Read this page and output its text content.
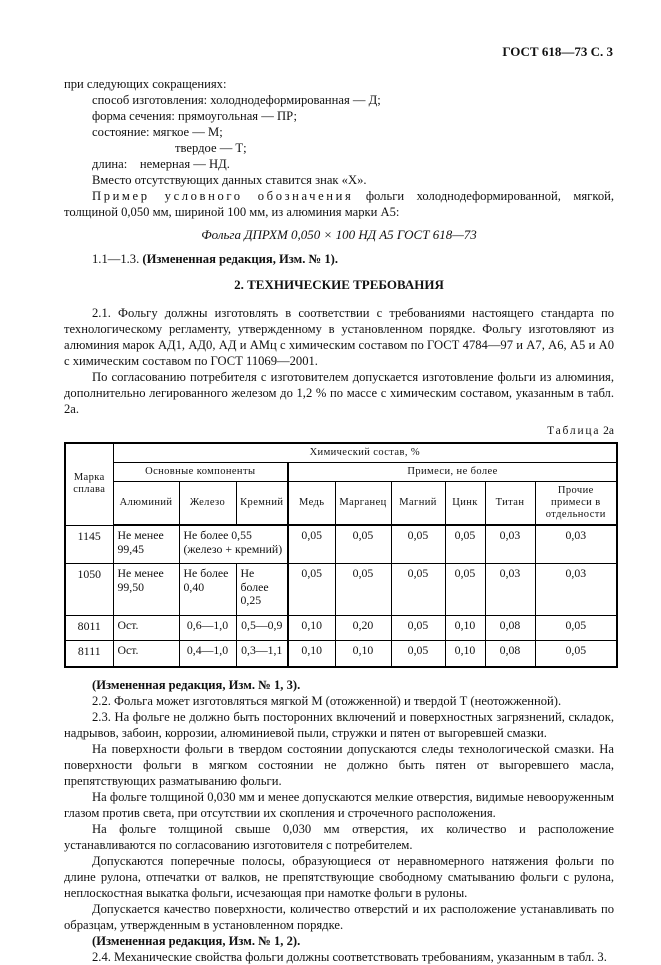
ГОСТ 618—73 С. 3

при следующих сокращениях:

способ изготовления: холоднодеформированная — Д;
форма сечения: прямоугольная — ПР;
состояние: мягкое — М;
твердое — Т;
длина:    немерная — НД.

Вместо отсутствующих данных ставится знак «Х».

Пример условного обозначения фольги холоднодеформированной, мягкой, толщиной 0,050 мм, шириной 100 мм, из алюминия марки А5:

Фольга ДПРХМ 0,050 × 100 НД А5 ГОСТ 618—73

1.1—1.3. (Измененная редакция, Изм. № 1).

2. ТЕХНИЧЕСКИЕ ТРЕБОВАНИЯ

2.1. Фольгу должны изготовлять в соответствии с требованиями настоящего стандарта по технологическому регламенту, утвержденному в установленном порядке. Фольгу изготовляют из алюминия марок АД1, АД0, АД и АМц с химическим составом по ГОСТ 4784—97 и А7, А6, А5 и А0 с химическим составом по ГОСТ 11069—2001.

По согласованию потребителя с изготовителем допускается изготовление фольги из алюминия, дополнительно легированного железом до 1,2 % по массе с химическим составом, указанным в табл. 2а.

Таблица 2а

Марка сплава	Химический состав, %								
	Основные компоненты			Примеси, не более					
	Алюминий	Железо	Кремний	Медь	Марганец	Магний	Цинк	Титан	Прочие примеси в отдельности
1145	Не менее 99,45	Не более 0,55 (железо + кремний)		0,05	0,05	0,05	0,05	0,03	0,03
1050	Не менее 99,50	Не более 0,40	Не более 0,25	0,05	0,05	0,05	0,05	0,03	0,03
8011	Ост.	0,6—1,0	0,5—0,9	0,10	0,20	0,05	0,10	0,08	0,05
8111	Ост.	0,4—1,0	0,3—1,1	0,10	0,10	0,05	0,10	0,08	0,05

(Измененная редакция, Изм. № 1, 3).

2.2. Фольга может изготовляться мягкой М (отожженной) и твердой Т (неотожженной).

2.3. На фольге не должно быть посторонних включений и поверхностных загрязнений, складок, надрывов, забоин, коррозии, алюминиевой пыли, стружки и пятен от выгоревшей смазки.

На поверхности фольги в твердом состоянии допускаются следы технологической смазки. На поверхности фольги в мягком состоянии не должно быть пятен от выгоревшего масла, препятствующих разматыванию фольги.

На фольге толщиной 0,030 мм и менее допускаются мелкие отверстия, видимые невооруженным глазом против света, при отсутствии их скопления и строчечного расположения.

На фольге толщиной свыше 0,030 мм отверстия, их количество и расположение устанавливаются по согласованию изготовителя с потребителем.

Допускаются поперечные полосы, образующиеся от неравномерного натяжения фольги по длине рулона, отпечатки от валков, не препятствующие свободному сматыванию фольги с рулона, неплоскостная выкатка фольги, исчезающая при намотке фольги в рулоны.

Допускается качество поверхности, количество отверстий и их расположение устанавливать по образцам, утвержденным в установленном порядке.

(Измененная редакция, Изм. № 1, 2).

2.4. Механические свойства фольги должны соответствовать требованиям, указанным в табл. 3.
